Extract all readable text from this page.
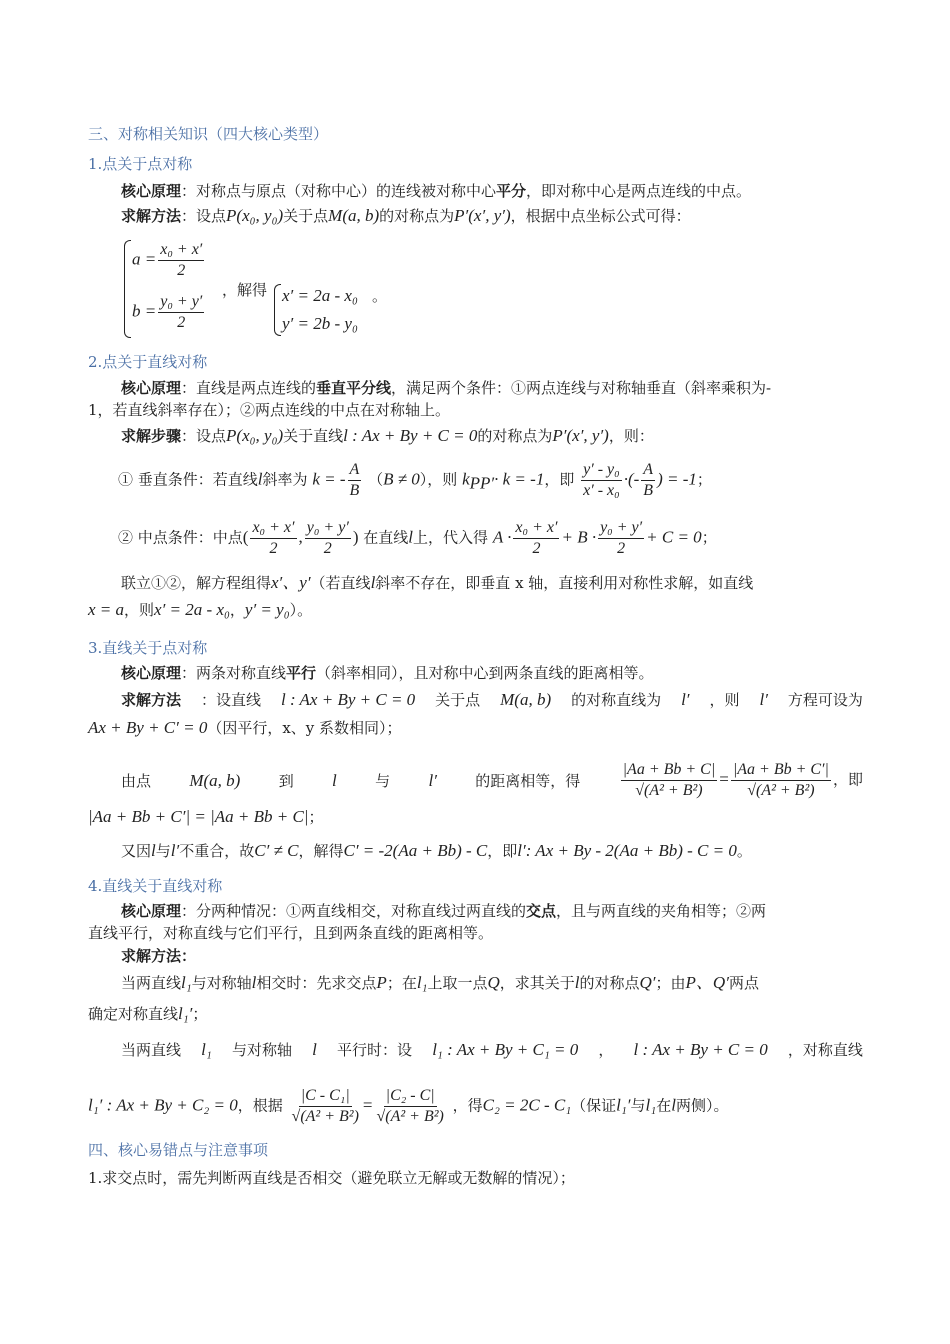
三、对称相关知识（四大核心类型）
1.点关于点对称
核心原理：对称点与原点（对称中心）的连线被对称中心平分，即对称中心是两点连线的中点。
求解方法：设点P(x₀, y₀)关于点M(a, b)的对称点为P′(x′, y′)，根据中点坐标公式可得：
$a = \frac{\text{x₀ + x′}}{2}$
$b = \frac{\text{y₀ + y′}}{2}$
，解得 x′ = 2a - x₀ 。
y′ = 2b - y₀
2.点关于直线对称
核心原理：直线是两点连线的垂直平分线，满足两个条件：①两点连线与对称轴垂直（斜率乘积为-
1，若直线斜率存在）；②两点连线的中点在对称轴上。
求解步骤：设点P(x₀, y₀)关于直线l : Ax + By + C = 0的对称点为P′(x′, y′)，则：
① 垂直条件：若直线l斜率为 k = - $\frac{A}{B} (B \ne 0)$，则 $k_{PP'}\cdot k = -1$，即 $\frac{\text{y′ - y₀}}{\text{x′ - x₀}}$ ·(- $\frac{A}{B}$ ) = -1；
② 中点条件：中点( $\frac{\text{x₀ + x′}}{2}$ , $\frac{\text{y₀ + y′}}{2}$ ) 在直线l上，代入得 $A \cdot \frac{\text{x₀ + x′}}{2} + B \cdot \frac{\text{y₀ + y′}}{2} + C = 0$；
联立①②，解方程组得x′、y′（若直线l斜率不存在，即垂直 x 轴，直接利用对称性求解，如直线
x = a，则x′ = 2a - x₀，y′ = y₀）。
3.直线关于点对称
核心原理：两条对称直线平行（斜率相同），且对称中心到两条直线的距离相等。
求解方法 ：设直线 l : Ax + By + C = 0 关于点 M(a, b) 的对称直线为 l′ ，则 l′ 方程可设为
Ax + By + C′ = 0（因平行，x、y 系数相同）；
由点 M(a, b)	到 l	与 l′	的距离相等，得	$\frac{|Aa + Bb + C|}{\text{√(A² + B²)}} = \frac{|Aa + Bb + C'|}{\text{√(A² + B²)}}$ ，即
|Aa + Bb + C′| = |Aa + Bb + C|；
又因l与l′不重合，故C′ ≠ C，解得C′ = -2(Aa + Bb) - C，即l′: Ax + By - 2(Aa + Bb) - C = 0。
4.直线关于直线对称
核心原理：分两种情况：①两直线相交，对称直线过两直线的交点，且与两直线的夹角相等；②两
直线平行，对称直线与它们平行，且到两条直线的距离相等。
求解方法：
当两直线l₁与对称轴l相交时：先求交点P；在l₁上取一点Q，求其关于l的对称点Q′；由P、Q′两点
确定对称直线l₁′；
当两直线 l₁ 与对称轴 l 平行时：设 l₁ : Ax + By + C₁ = 0 ， l : Ax + By + C = 0 ，对称直线
l₁′ : Ax + By + C₂ = 0，根据 $\frac{\text{|C - C₁|}}{\text{√(A² + B²)}} = \frac{\text{|C₂ - C|}}{\text{√(A² + B²)}}$ ，得C₂ = 2C - C₁（保证l₁′与l₁在l两侧）。
四、核心易错点与注意事项
1.求交点时，需先判断两直线是否相交（避免联立无解或无数解的情况）；
